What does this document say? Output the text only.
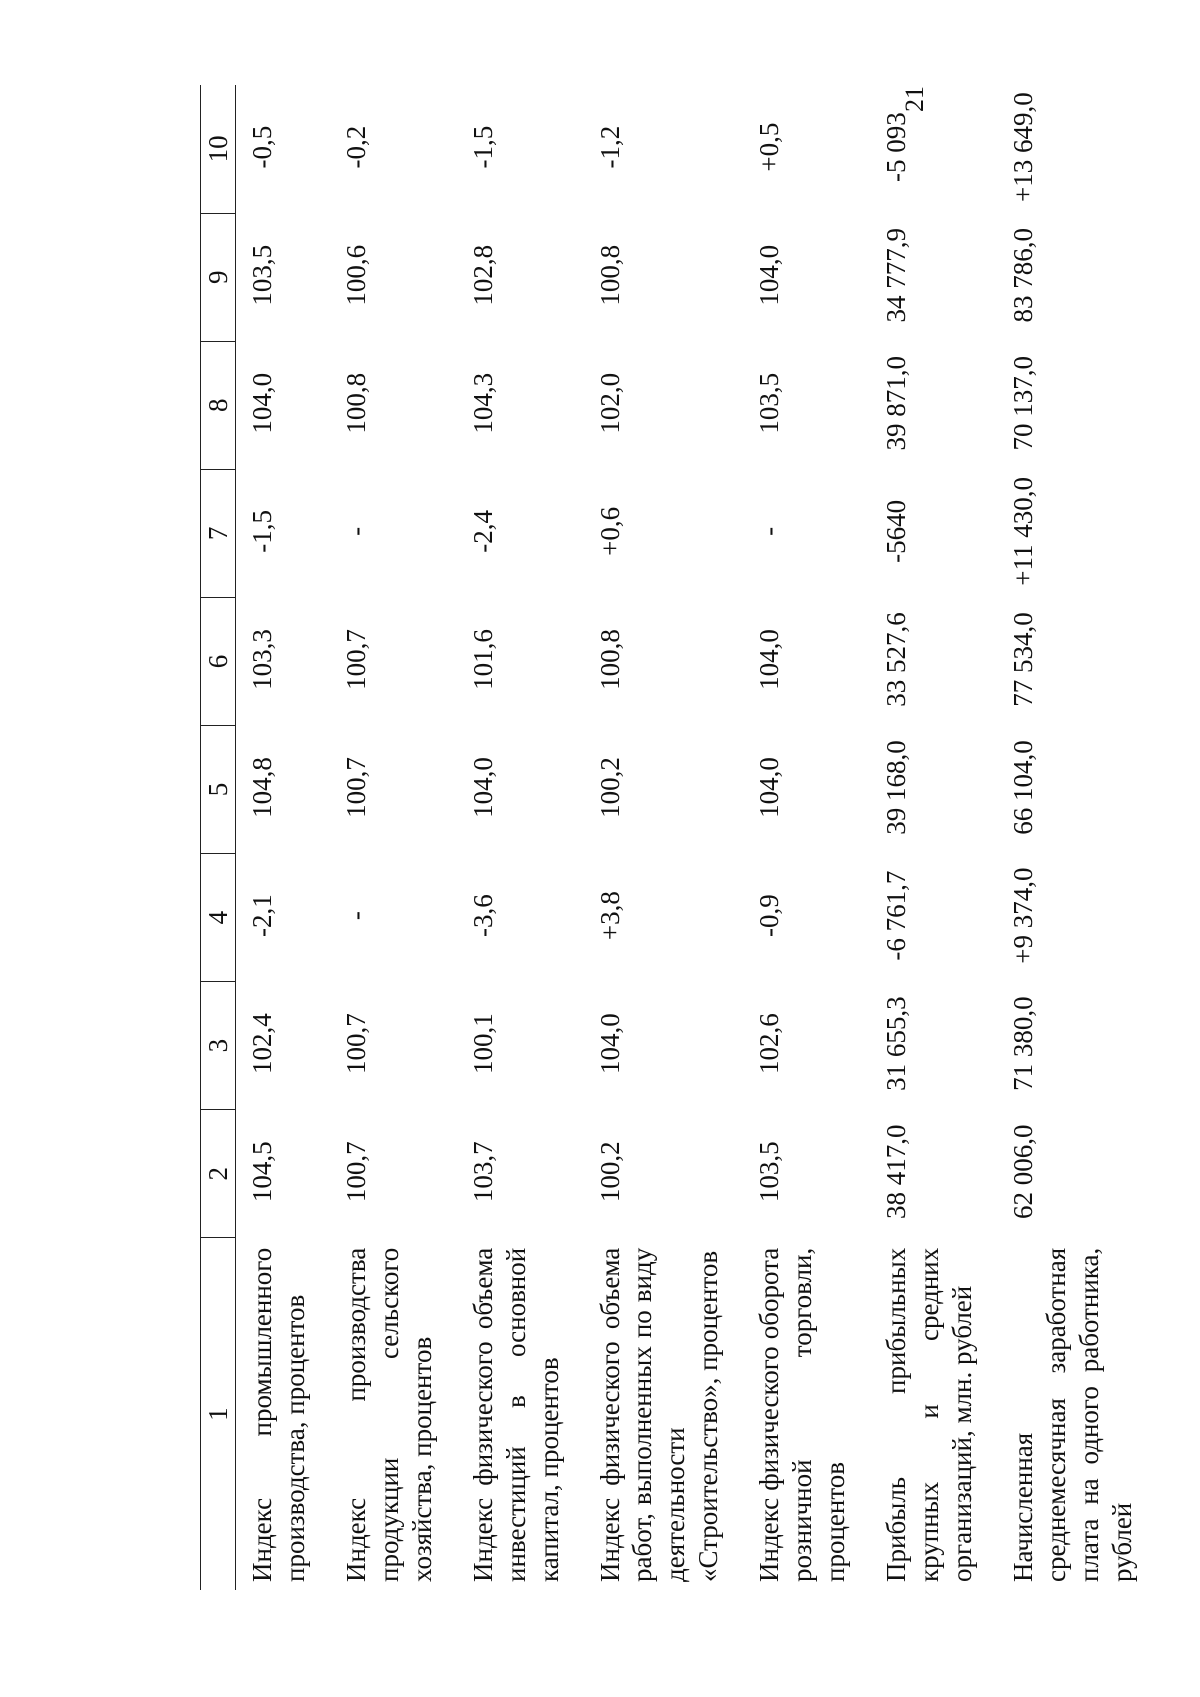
21
1	2	3	4	5	6	7	8	9	10
Индекс промышленного производства, процентов	104,5	102,4	-2,1	104,8	103,3	-1,5	104,0	103,5	-0,5
Индекс производства продукции сельского хозяйства, процентов	100,7	100,7	-	100,7	100,7	-	100,8	100,6	-0,2
Индекс физического объема инвестиций в основной капитал, процентов	103,7	100,1	-3,6	104,0	101,6	-2,4	104,3	102,8	-1,5
Индекс физического объема работ, выполненных по виду деятельности «Строительство», процентов	100,2	104,0	+3,8	100,2	100,8	+0,6	102,0	100,8	-1,2
Индекс физического оборота розничной торговли, процентов	103,5	102,6	-0,9	104,0	104,0	-	103,5	104,0	+0,5
Прибыль прибыльных крупных и средних организаций, млн. рублей	38 417,0	31 655,3	-6 761,7	39 168,0	33 527,6	-5640	39 871,0	34 777,9	-5 093
Начисленная среднемесячная заработная плата на одного работника, рублей	62 006,0	71 380,0	+9 374,0	66 104,0	77 534,0	+11 430,0	70 137,0	83 786,0	+13 649,0
